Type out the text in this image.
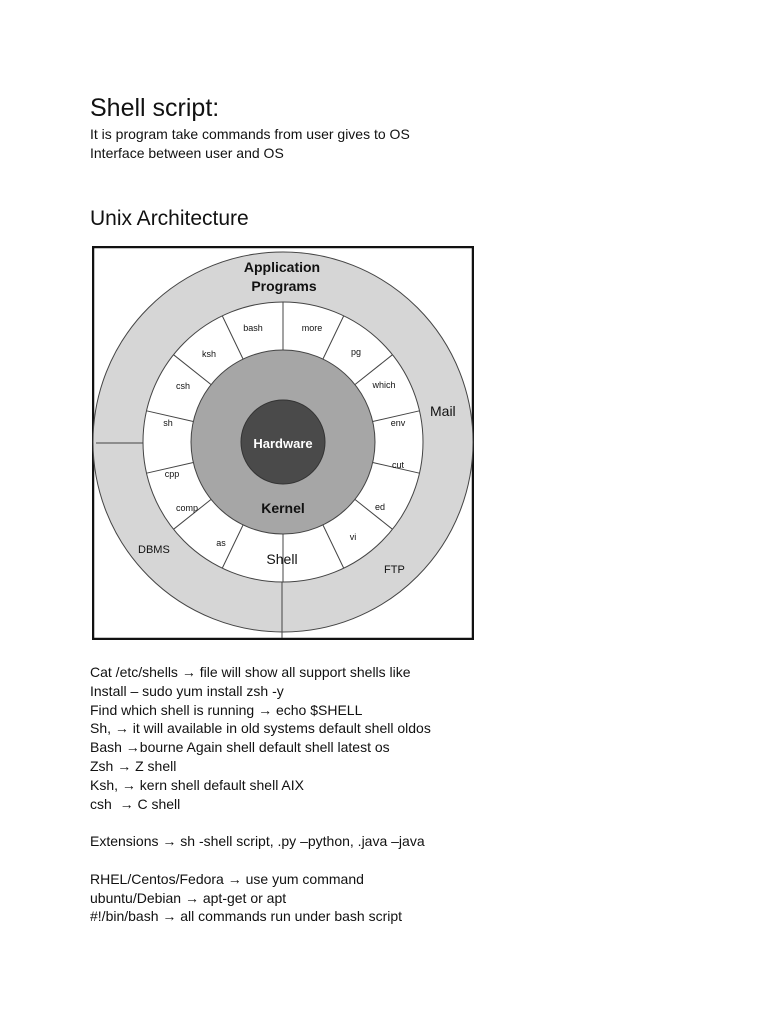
Shell script:
It is program take commands from user gives to OS
Interface between user and OS
Unix Architecture
Application
Programs
Mail
DBMS
FTP
bash	more
pg
which
env
cut
ed
vi
Shell
as
comp
cpp
sh
csh
ksh
Kernel
Hardware
Cat /etc/shells → file will show all support shells like
Install – sudo yum install zsh -y
Find which shell is running → echo $SHELL
Sh, → it will available in old systems default shell oldos
Bash →bourne Again shell default shell latest os
Zsh → Z shell
Ksh, → kern shell default shell AIX
csh  → C shell
Extensions → sh -shell script, .py –python, .java –java
RHEL/Centos/Fedora → use yum command
ubuntu/Debian → apt-get or apt
#!/bin/bash → all commands run under bash script
